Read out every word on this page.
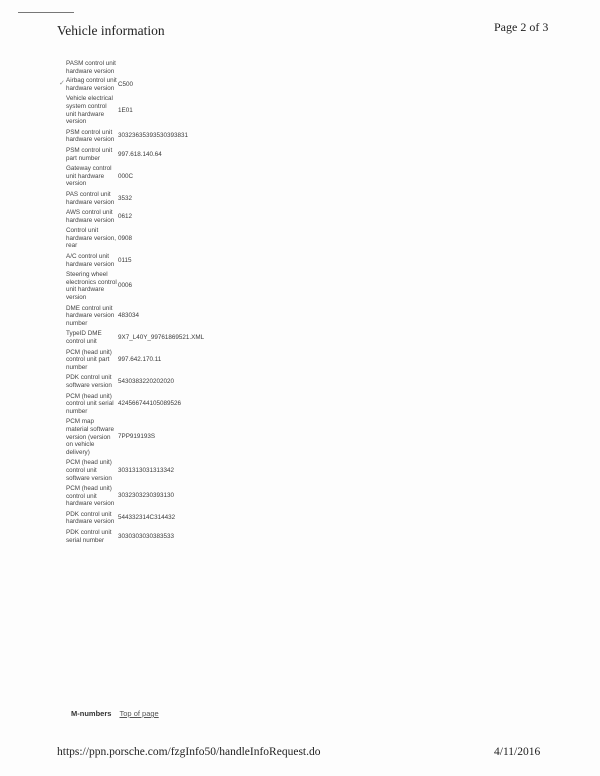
Vehicle information	Page 2 of 3
✓
PASM control unit hardware version
Airbag control unit hardware version
C500
Vehicle electrical system control unit hardware version
1E01
PSM control unit hardware version
30323635393530393831
PSM control unit part number
997.618.140.64
Gateway control unit hardware version
000C
PAS control unit hardware version
3532
AWS control unit hardware version
0612
Control unit hardware version, rear
0908
A/C control unit hardware version
0115
Steering wheel electronics control unit hardware version
0006
DME control unit hardware version number
483034
TypeID DME control unit
9X7_L40Y_99761869521.XML
PCM (head unit) control unit part number
997.642.170.11
PDK control unit software version
5430383220202020
PCM (head unit) control unit serial number
424566744105089526
PCM map material software version (version on vehicle delivery)
7PP919193S
PCM (head unit) control unit software version
3031313031313342
PCM (head unit) control unit hardware version
3032303230393130
PDK control unit hardware version
544332314C314432
PDK control unit serial number
3030303030383533
M-numbers Top of page
https://ppn.porsche.com/fzgInfo50/handleInfoRequest.do	4/11/2016
